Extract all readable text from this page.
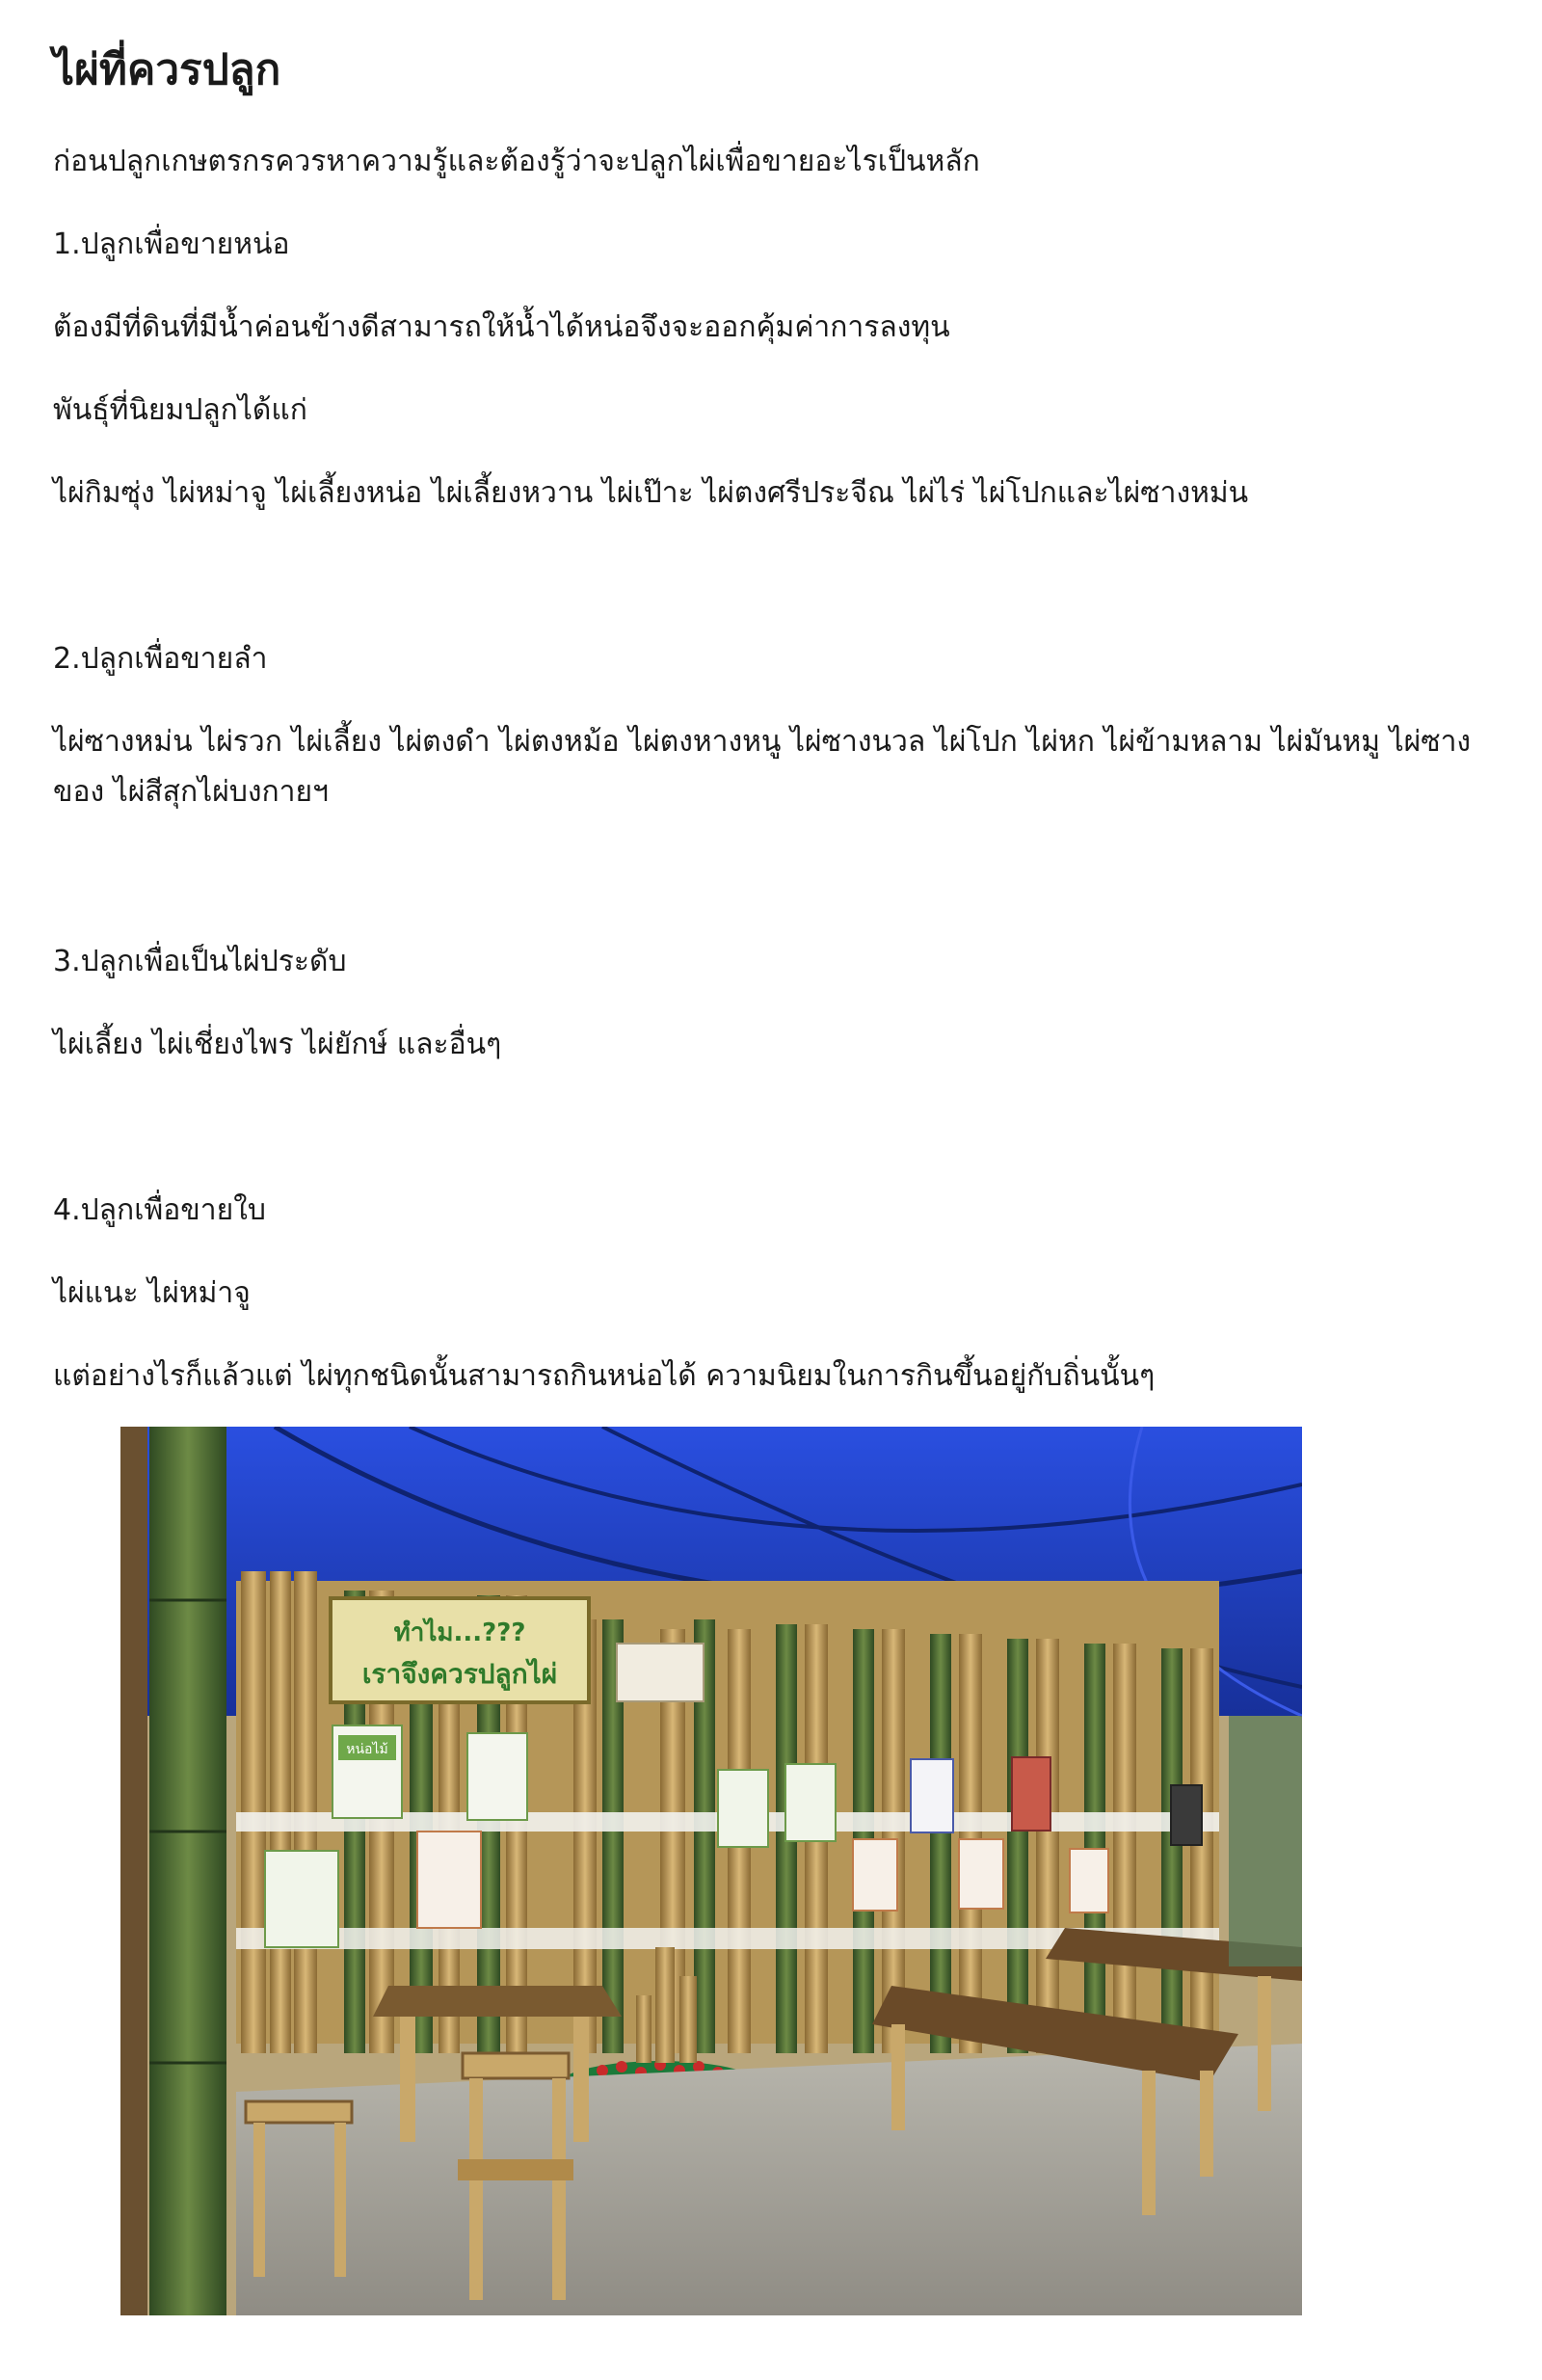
ไผ่ที่ควรปลูก

ก่อนปลูกเกษตรกรควรหาความรู้และต้องรู้ว่าจะปลูกไผ่เพื่อขายอะไรเป็นหลัก

1.ปลูกเพื่อขายหน่อ

ต้องมีที่ดินที่มีน้ำค่อนข้างดีสามารถให้น้ำได้หน่อจึงจะออกคุ้มค่าการลงทุน

พันธุ์ที่นิยมปลูกได้แก่

ไผ่กิมซุ่ง ไผ่หม่าจู ไผ่เลี้ยงหน่อ ไผ่เลี้ยงหวาน ไผ่เป๊าะ ไผ่ตงศรีประจีณ ไผ่ไร่ ไผ่โปกและไผ่ซางหม่น

2.ปลูกเพื่อขายลำ

ไผ่ซางหม่น ไผ่รวก ไผ่เลี้ยง ไผ่ตงดำ ไผ่ตงหม้อ ไผ่ตงหางหนู ไผ่ซางนวล ไผ่โปก ไผ่หก ไผ่ข้ามหลาม ไผ่มันหมู ไผ่ซางของ ไผ่สีสุกไผ่บงกายฯ

3.ปลูกเพื่อเป็นไผ่ประดับ

ไผ่เลี้ยง ไผ่เชี่ยงไพร ไผ่ยักษ์ และอื่นๆ

4.ปลูกเพื่อขายใบ

ไผ่แนะ ไผ่หม่าจู

แต่อย่างไรก็แล้วแต่ ไผ่ทุกชนิดนั้นสามารถกินหน่อได้ ความนิยมในการกินขึ้นอยู่กับถิ่นนั้นๆ

ทำไม...???
เราจึงควรปลูกไผ่
หน่อไม้
